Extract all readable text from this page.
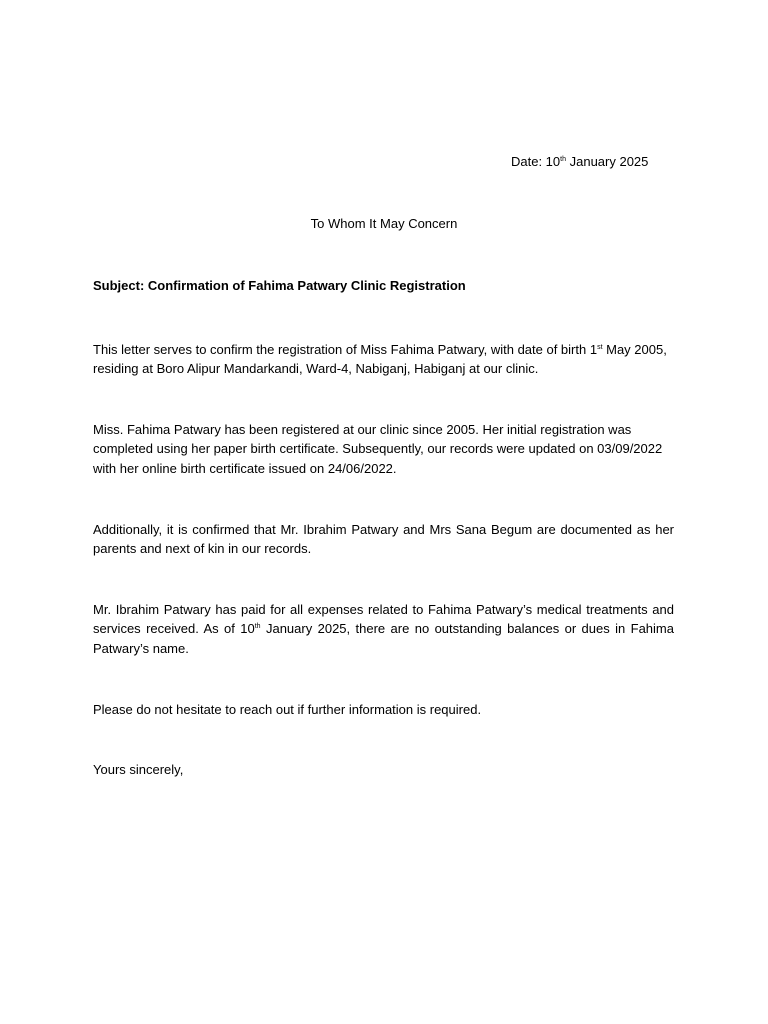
Date: 10th January 2025

To Whom It May Concern

Subject: Confirmation of Fahima Patwary Clinic Registration

This letter serves to confirm the registration of Miss Fahima Patwary, with date of birth 1st May 2005,
residing at Boro Alipur Mandarkandi, Ward-4, Nabiganj, Habiganj at our clinic.

Miss. Fahima Patwary has been registered at our clinic since 2005. Her initial registration was
completed using her paper birth certificate. Subsequently, our records were updated on 03/09/2022
with her online birth certificate issued on 24/06/2022.

Additionally, it is confirmed that Mr. Ibrahim Patwary and Mrs Sana Begum are documented as her parents and next of kin in our records.

Mr. Ibrahim Patwary has paid for all expenses related to Fahima Patwary’s medical treatments and services received. As of 10th January 2025, there are no outstanding balances or dues in Fahima Patwary’s name.

Please do not hesitate to reach out if further information is required.

Yours sincerely,
